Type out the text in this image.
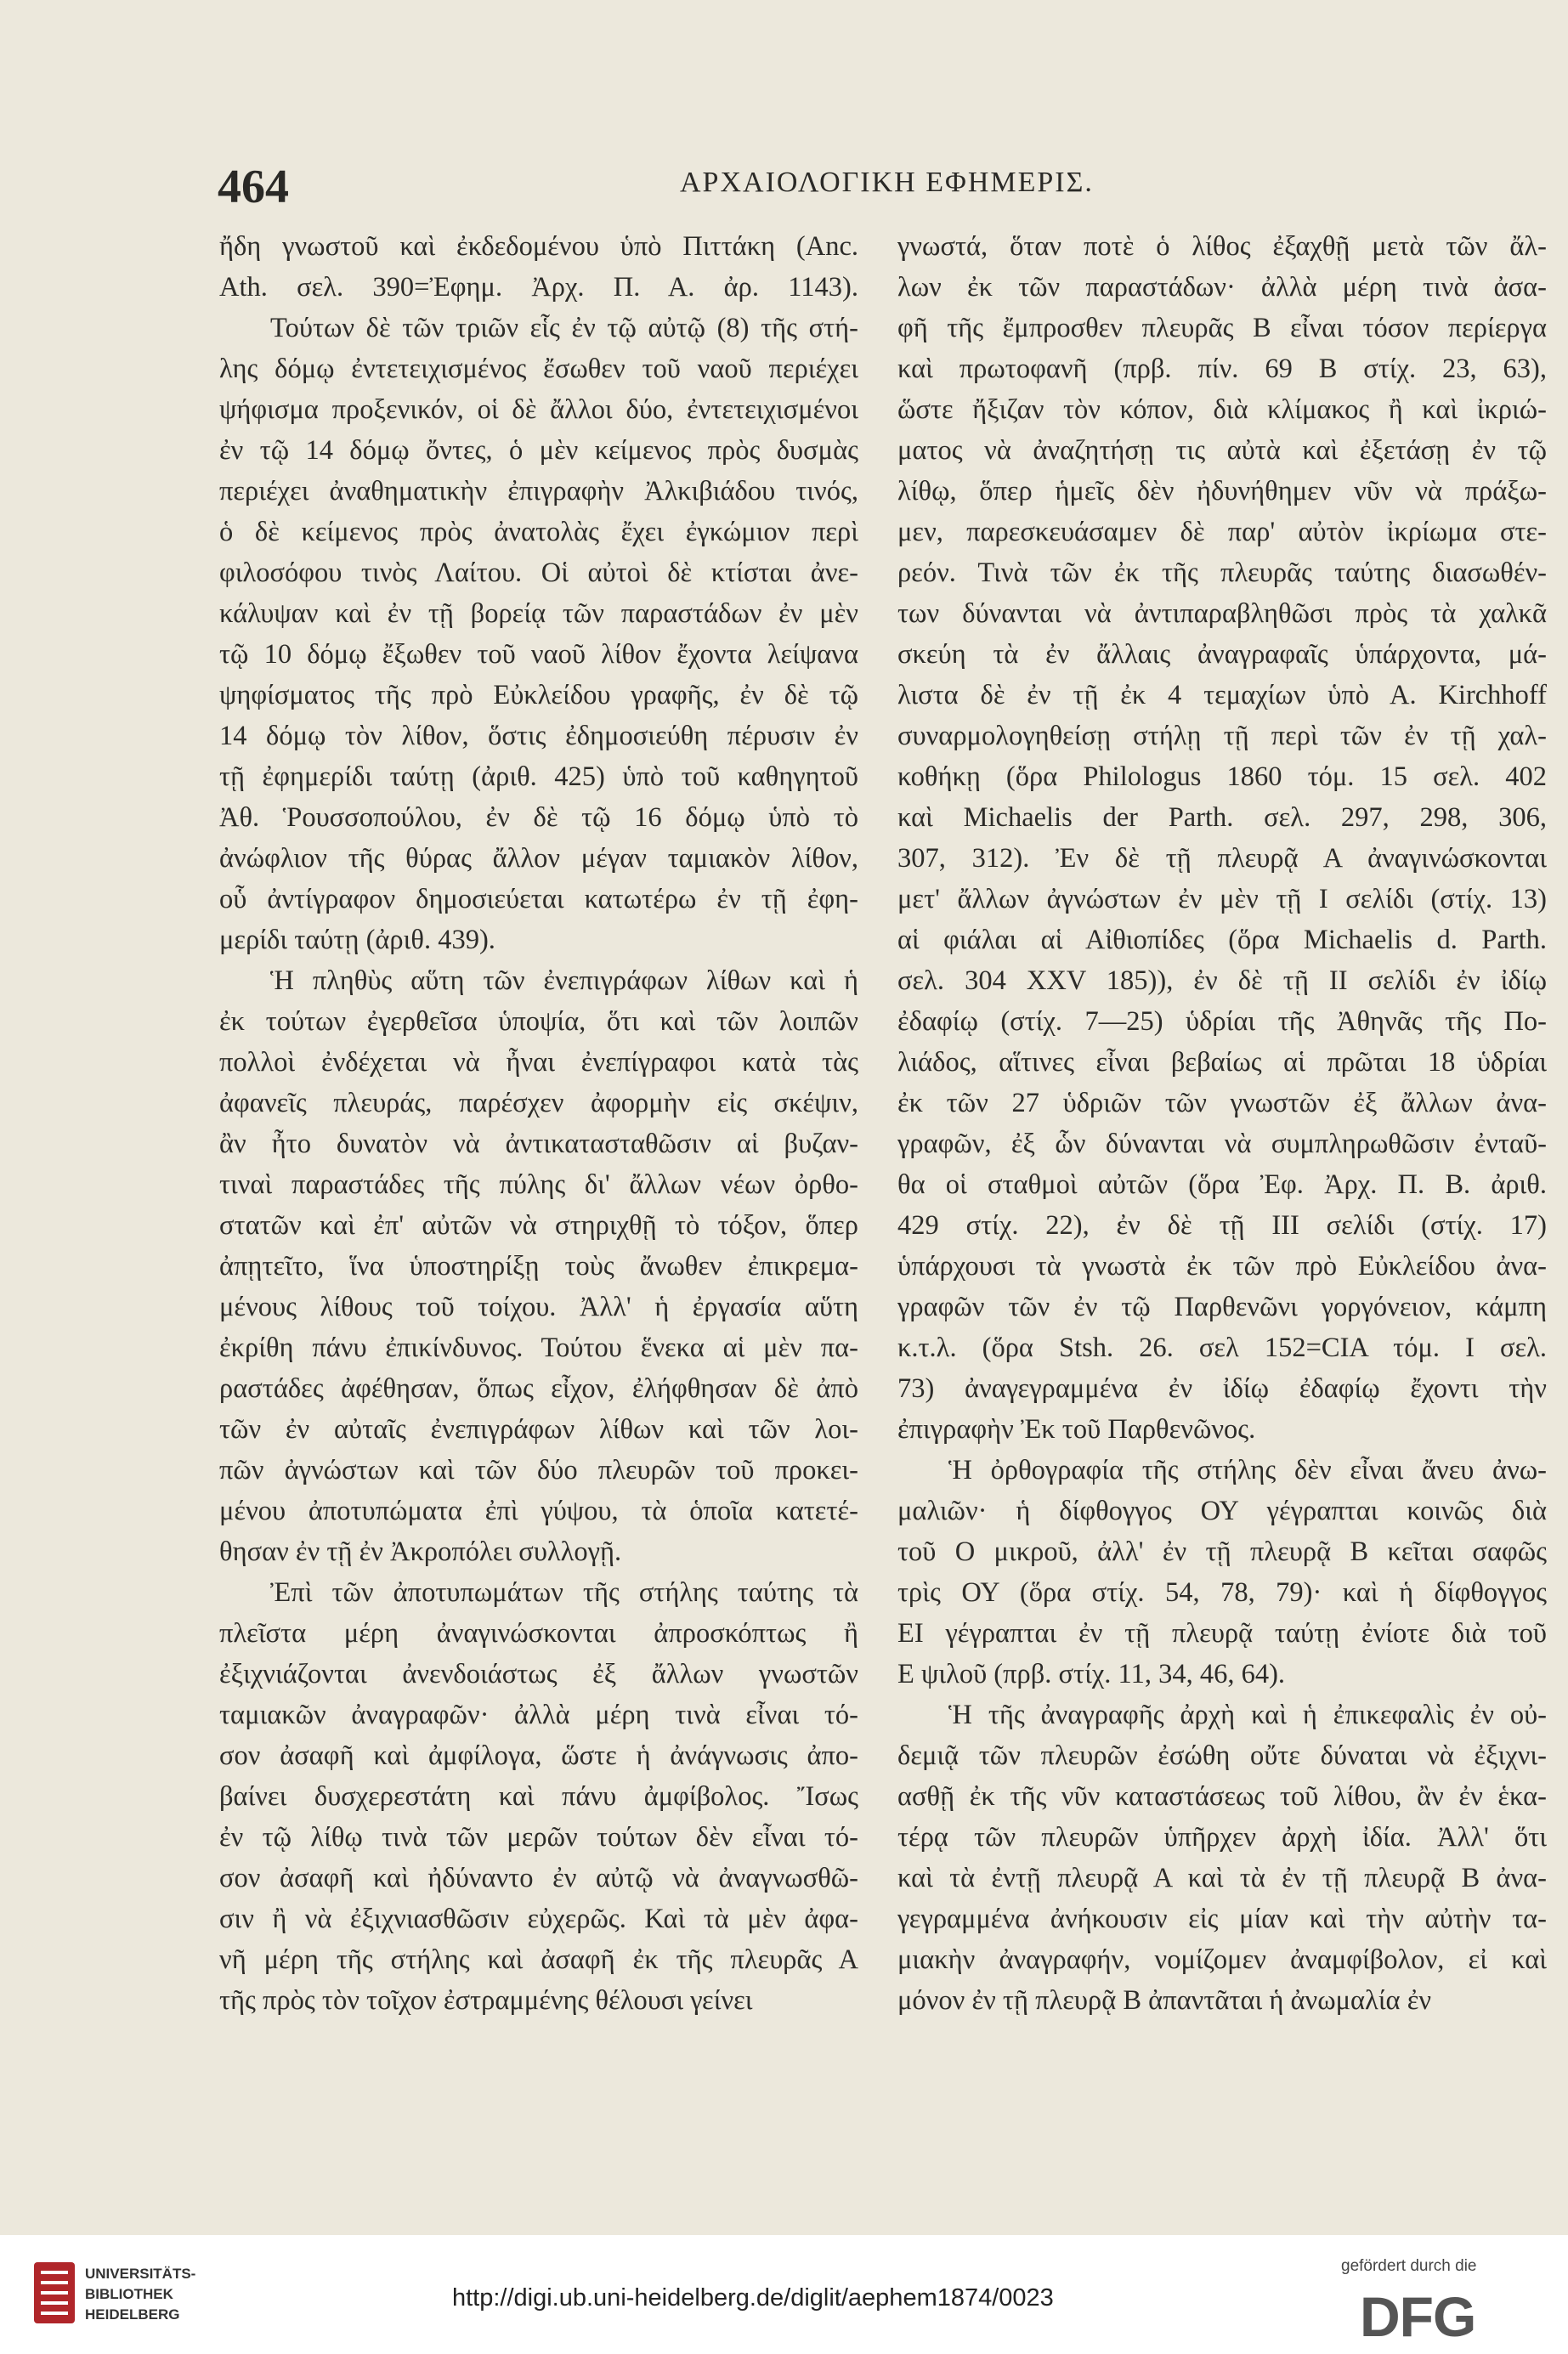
464	ΑΡΧΑΙΟΛΟΓΙΚΗ ΕΦΗΜΕΡΙΣ.
ἤδη γνωστοῦ καὶ ἐκδεδομένου ὑπὸ Πιττάκη (Anc.
Ath. σελ. 390=Ἐφημ. Ἀρχ. Π. Α. ἀρ. 1143).
Τούτων δὲ τῶν τριῶν εἷς ἐν τῷ αὐτῷ (8) τῆς στή-
λης δόμῳ ἐντετειχισμένος ἔσωθεν τοῦ ναοῦ περιέχει
ψήφισμα προξενικόν, οἱ δὲ ἄλλοι δύο, ἐντετειχισμένοι
ἐν τῷ 14 δόμῳ ὄντες, ὁ μὲν κείμενος πρὸς δυσμὰς
περιέχει ἀναθηματικὴν ἐπιγραφὴν Ἀλκιβιάδου τινός,
ὁ δὲ κείμενος πρὸς ἀνατολὰς ἔχει ἐγκώμιον περὶ
φιλοσόφου τινὸς Λαίτου. Οἱ αὐτοὶ δὲ κτίσται ἀνε-
κάλυψαν καὶ ἐν τῇ βορείᾳ τῶν παραστάδων ἐν μὲν
τῷ 10 δόμῳ ἔξωθεν τοῦ ναοῦ λίθον ἔχοντα λείψανα
ψηφίσματος τῆς πρὸ Εὐκλείδου γραφῆς, ἐν δὲ τῷ
14 δόμῳ τὸν λίθον, ὅστις ἐδημοσιεύθη πέρυσιν ἐν
τῇ ἐφημερίδι ταύτῃ (ἀριθ. 425) ὑπὸ τοῦ καθηγητοῦ
Ἀθ. Ῥουσσοπούλου, ἐν δὲ τῷ 16 δόμῳ ὑπὸ τὸ
ἀνώφλιον τῆς θύρας ἄλλον μέγαν ταμιακὸν λίθον,
οὗ ἀντίγραφον δημοσιεύεται κατωτέρω ἐν τῇ ἐφη-
μερίδι ταύτῃ (ἀριθ. 439).
Ἡ πληθὺς αὕτη τῶν ἐνεπιγράφων λίθων καὶ ἡ
ἐκ τούτων ἐγερθεῖσα ὑποψία, ὅτι καὶ τῶν λοιπῶν
πολλοὶ ἐνδέχεται νὰ ἦναι ἐνεπίγραφοι κατὰ τὰς
ἀφανεῖς πλευράς, παρέσχεν ἀφορμὴν εἰς σκέψιν,
ἂν ἦτο δυνατὸν νὰ ἀντικατασταθῶσιν αἱ βυζαν-
τιναὶ παραστάδες τῆς πύλης δι' ἄλλων νέων ὀρθο-
στατῶν καὶ ἐπ' αὐτῶν νὰ στηριχθῇ τὸ τόξον, ὅπερ
ἀπῃτεῖτο, ἵνα ὑποστηρίξῃ τοὺς ἄνωθεν ἐπικρεμα-
μένους λίθους τοῦ τοίχου. Ἀλλ' ἡ ἐργασία αὕτη
ἐκρίθη πάνυ ἐπικίνδυνος. Τούτου ἕνεκα αἱ μὲν πα-
ραστάδες ἀφέθησαν, ὅπως εἶχον, ἐλήφθησαν δὲ ἀπὸ
τῶν ἐν αὐταῖς ἐνεπιγράφων λίθων καὶ τῶν λοι-
πῶν ἀγνώστων καὶ τῶν δύο πλευρῶν τοῦ προκει-
μένου ἀποτυπώματα ἐπὶ γύψου, τὰ ὁποῖα κατετέ-
θησαν ἐν τῇ ἐν Ἀκροπόλει συλλογῇ.
Ἐπὶ τῶν ἀποτυπωμάτων τῆς στήλης ταύτης τὰ
πλεῖστα μέρη ἀναγινώσκονται ἀπροσκόπτως ἢ
ἐξιχνιάζονται ἀνενδοιάστως ἐξ ἄλλων γνωστῶν
ταμιακῶν ἀναγραφῶν· ἀλλὰ μέρη τινὰ εἶναι τό-
σον ἀσαφῆ καὶ ἀμφίλογα, ὥστε ἡ ἀνάγνωσις ἀπο-
βαίνει δυσχερεστάτη καὶ πάνυ ἀμφίβολος. Ἴσως
ἐν τῷ λίθῳ τινὰ τῶν μερῶν τούτων δὲν εἶναι τό-
σον ἀσαφῆ καὶ ἠδύναντο ἐν αὐτῷ νὰ ἀναγνωσθῶ-
σιν ἢ νὰ ἐξιχνιασθῶσιν εὐχερῶς. Καὶ τὰ μὲν ἀφα-
νῆ μέρη τῆς στήλης καὶ ἀσαφῆ ἐκ τῆς πλευρᾶς Α
τῆς πρὸς τὸν τοῖχον ἐστραμμένης θέλουσι γείνει
γνωστά, ὅταν ποτὲ ὁ λίθος ἐξαχθῇ μετὰ τῶν ἄλ-
λων ἐκ τῶν παραστάδων· ἀλλὰ μέρη τινὰ ἀσα-
φῆ τῆς ἔμπροσθεν πλευρᾶς Β εἶναι τόσον περίεργα
καὶ πρωτοφανῆ (πρβ. πίν. 69 Β στίχ. 23, 63),
ὥστε ἤξιζαν τὸν κόπον, διὰ κλίμακος ἢ καὶ ἰκριώ-
ματος νὰ ἀναζητήσῃ τις αὐτὰ καὶ ἐξετάσῃ ἐν τῷ
λίθῳ, ὅπερ ἡμεῖς δὲν ἠδυνήθημεν νῦν νὰ πράξω-
μεν, παρεσκευάσαμεν δὲ παρ' αὐτὸν ἰκρίωμα στε-
ρεόν. Τινὰ τῶν ἐκ τῆς πλευρᾶς ταύτης διασωθέν-
των δύνανται νὰ ἀντιπαραβληθῶσι πρὸς τὰ χαλκᾶ
σκεύη τὰ ἐν ἄλλαις ἀναγραφαῖς ὑπάρχοντα, μά-
λιστα δὲ ἐν τῇ ἐκ 4 τεμαχίων ὑπὸ Α. Kirchhoff
συναρμολογηθείσῃ στήλῃ τῇ περὶ τῶν ἐν τῇ χαλ-
κοθήκῃ (ὅρα Philologus 1860 τόμ. 15 σελ. 402
καὶ Michaelis der Parth. σελ. 297, 298, 306,
307, 312). Ἐν δὲ τῇ πλευρᾷ Α ἀναγινώσκονται
μετ' ἄλλων ἀγνώστων ἐν μὲν τῇ I σελίδι (στίχ. 13)
αἱ φιάλαι αἱ Αἰθιοπίδες (ὅρα Michaelis d. Parth.
σελ. 304 XXV 185)), ἐν δὲ τῇ II σελίδι ἐν ἰδίῳ
ἐδαφίῳ (στίχ. 7—25) ὑδρίαι τῆς Ἀθηνᾶς τῆς Πο-
λιάδος, αἵτινες εἶναι βεβαίως αἱ πρῶται 18 ὑδρίαι
ἐκ τῶν 27 ὑδριῶν τῶν γνωστῶν ἐξ ἄλλων ἀνα-
γραφῶν, ἐξ ὧν δύνανται νὰ συμπληρωθῶσιν ἐνταῦ-
θα οἱ σταθμοὶ αὐτῶν (ὅρα Ἐφ. Ἀρχ. Π. Β. ἀριθ.
429 στίχ. 22), ἐν δὲ τῇ III σελίδι (στίχ. 17)
ὑπάρχουσι τὰ γνωστὰ ἐκ τῶν πρὸ Εὐκλείδου ἀνα-
γραφῶν τῶν ἐν τῷ Παρθενῶνι γοργόνειον, κάμπη
κ.τ.λ. (ὅρα Stsh. 26. σελ 152=CIA τόμ. I σελ.
73) ἀναγεγραμμένα ἐν ἰδίῳ ἐδαφίῳ ἔχοντι τὴν
ἐπιγραφὴν Ἐκ τοῦ Παρθενῶνος.
Ἡ ὀρθογραφία τῆς στήλης δὲν εἶναι ἄνευ ἀνω-
μαλιῶν· ἡ δίφθογγος ΟΥ γέγραπται κοινῶς διὰ
τοῦ Ο μικροῦ, ἀλλ' ἐν τῇ πλευρᾷ Β κεῖται σαφῶς
τρὶς ΟΥ (ὅρα στίχ. 54, 78, 79)· καὶ ἡ δίφθογγος
ΕΙ γέγραπται ἐν τῇ πλευρᾷ ταύτῃ ἐνίοτε διὰ τοῦ
Ε ψιλοῦ (πρβ. στίχ. 11, 34, 46, 64).
Ἡ τῆς ἀναγραφῆς ἀρχὴ καὶ ἡ ἐπικεφαλὶς ἐν οὐ-
δεμιᾷ τῶν πλευρῶν ἐσώθη οὔτε δύναται νὰ ἐξιχνι-
ασθῇ ἐκ τῆς νῦν καταστάσεως τοῦ λίθου, ἂν ἐν ἑκα-
τέρᾳ τῶν πλευρῶν ὑπῆρχεν ἀρχὴ ἰδία. Ἀλλ' ὅτι
καὶ τὰ ἐντῇ πλευρᾷ Α καὶ τὰ ἐν τῇ πλευρᾷ Β ἀνα-
γεγραμμένα ἀνήκουσιν εἰς μίαν καὶ τὴν αὐτὴν τα-
μιακὴν ἀναγραφήν, νομίζομεν ἀναμφίβολον, εἰ καὶ
μόνον ἐν τῇ πλευρᾷ Β ἀπαντᾶται ἡ ἀνωμαλία ἐν
UNIVERSITÄTS-
BIBLIOTHEK
HEIDELBERG
http://digi.ub.uni-heidelberg.de/diglit/aephem1874/0023
gefördert durch die
DFG
